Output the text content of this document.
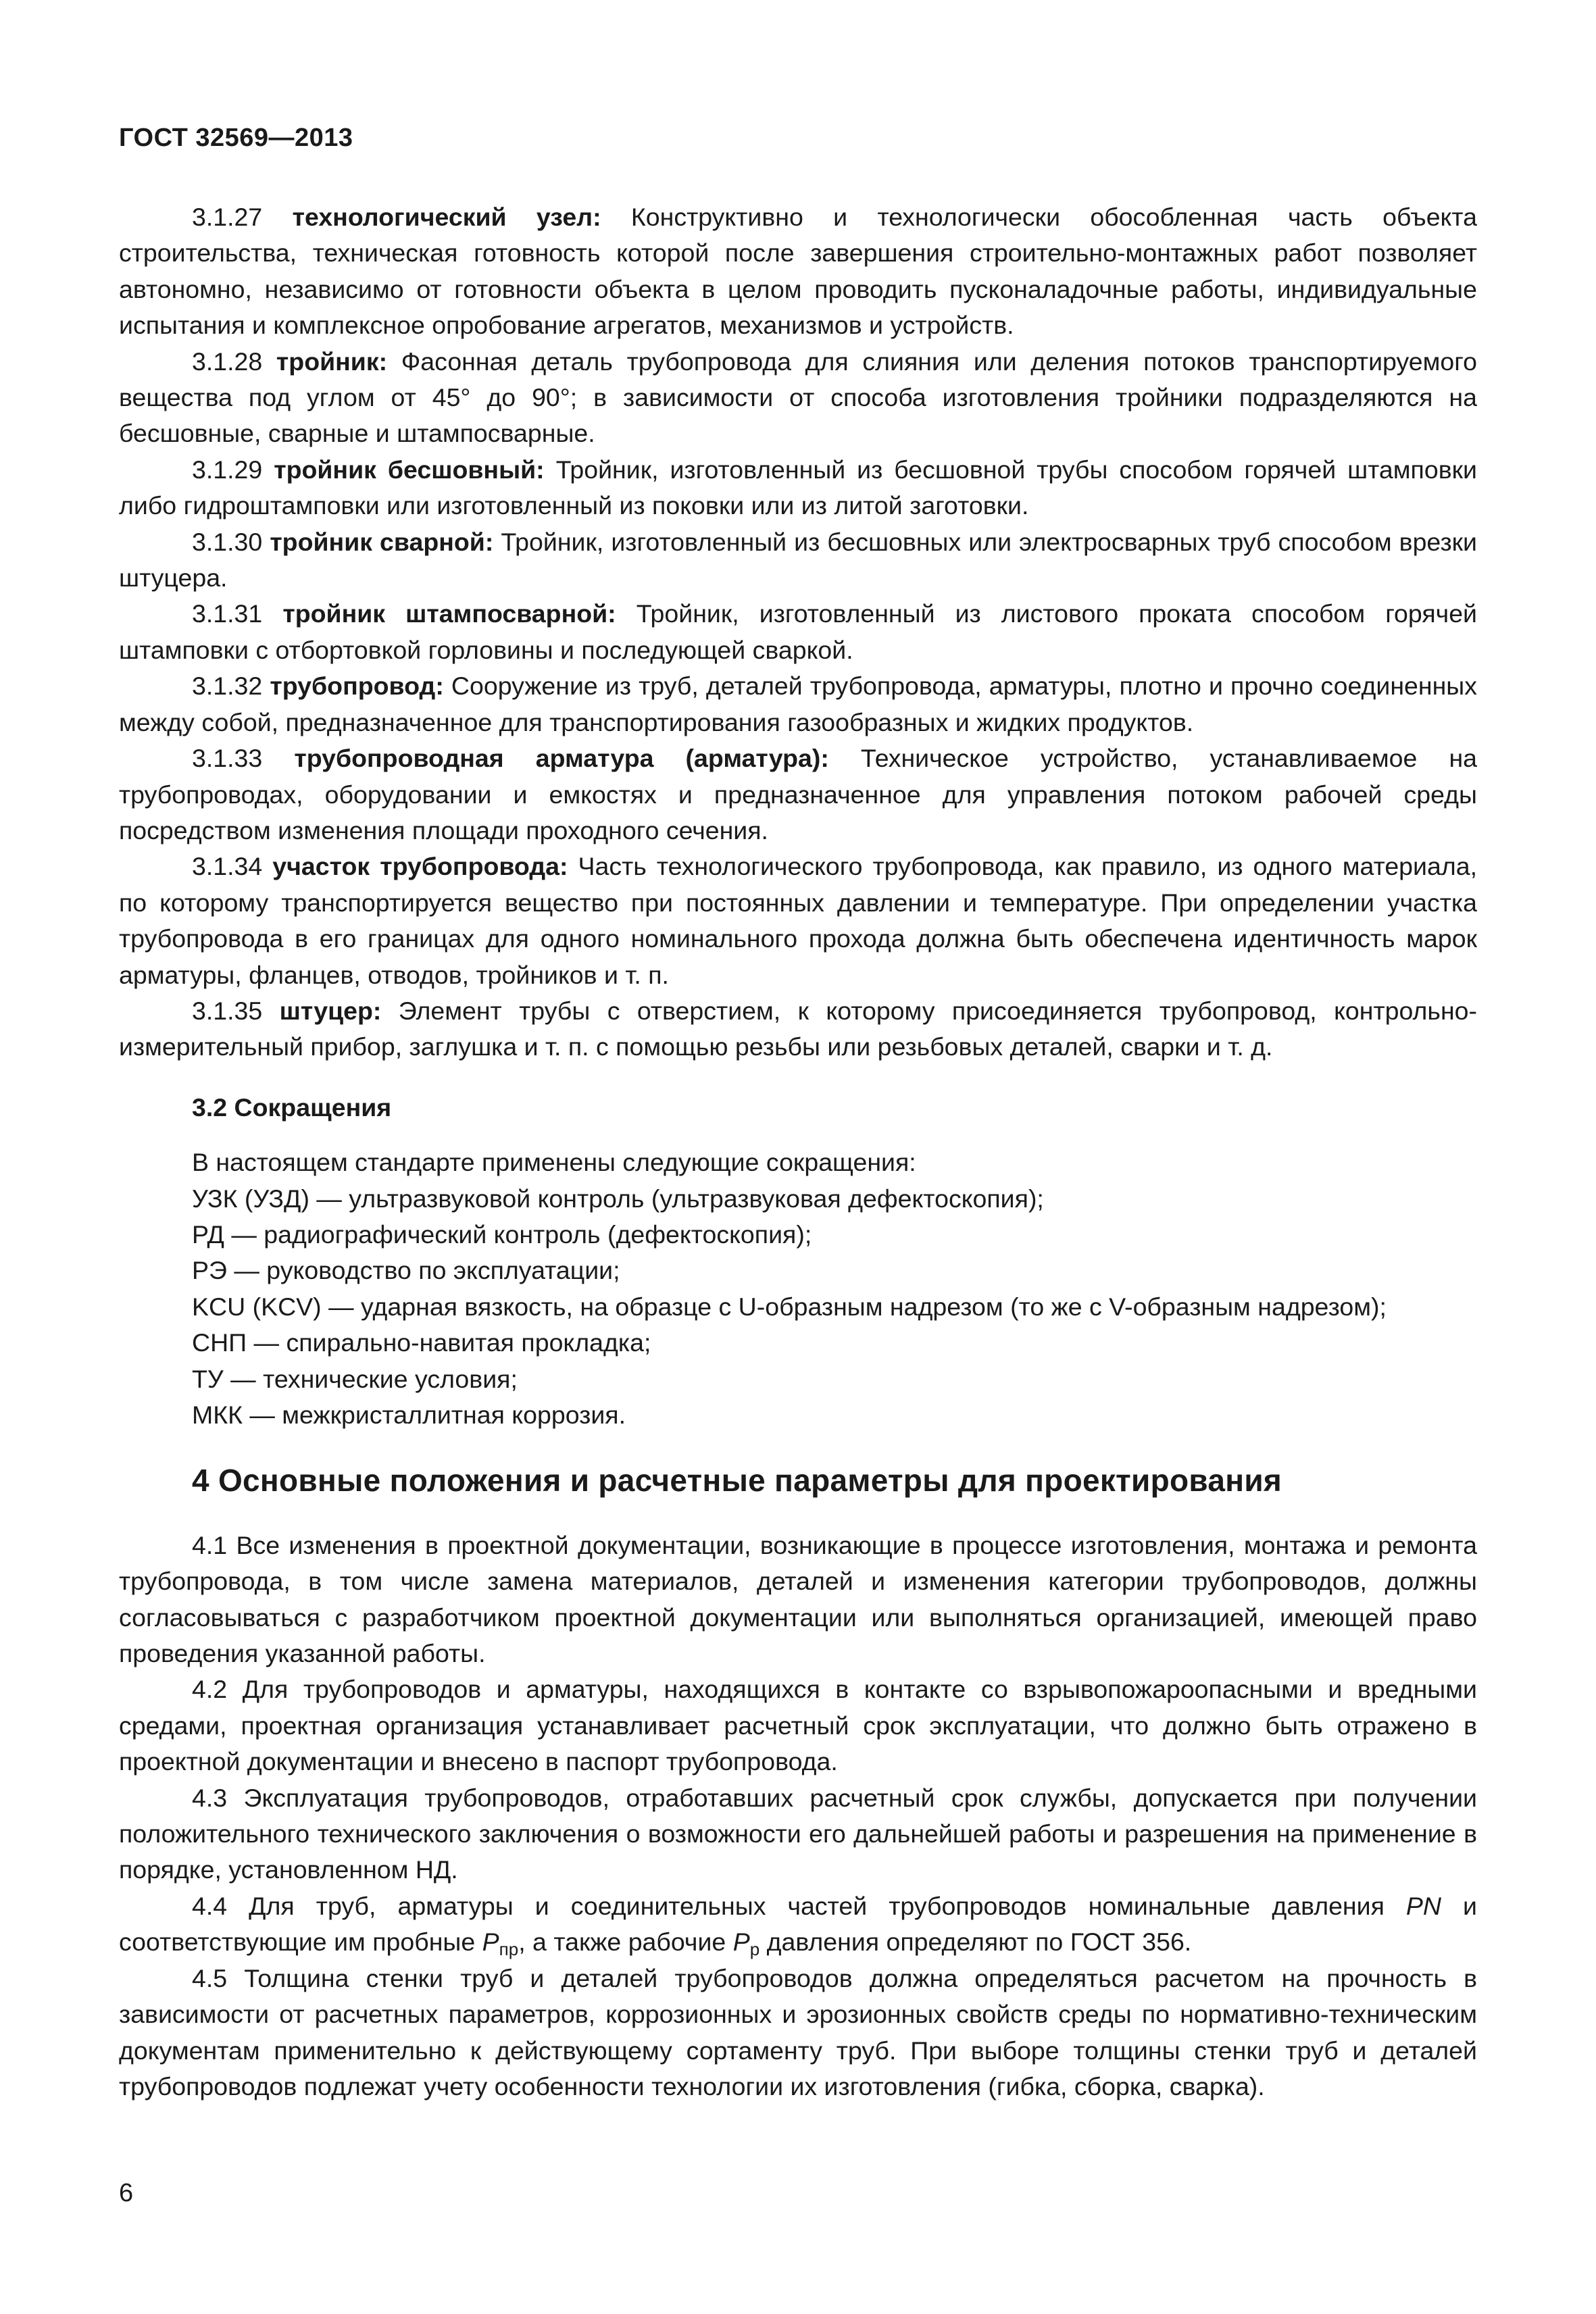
ГОСТ 32569—2013

3.1.27 технологический узел: Конструктивно и технологически обособленная часть объекта строительства, техническая готовность которой после завершения строительно-монтажных работ позволяет автономно, независимо от готовности объекта в целом проводить пусконаладочные работы, индивидуальные испытания и комплексное опробование агрегатов, механизмов и устройств.

3.1.28 тройник: Фасонная деталь трубопровода для слияния или деления потоков транспортируемого вещества под углом от 45° до 90°; в зависимости от способа изготовления тройники подразделяются на бесшовные, сварные и штампосварные.

3.1.29 тройник бесшовный: Тройник, изготовленный из бесшовной трубы способом горячей штамповки либо гидроштамповки или изготовленный из поковки или из литой заготовки.

3.1.30 тройник сварной: Тройник, изготовленный из бесшовных или электросварных труб способом врезки штуцера.

3.1.31 тройник штампосварной: Тройник, изготовленный из листового проката способом горячей штамповки с отбортовкой горловины и последующей сваркой.

3.1.32 трубопровод: Сооружение из труб, деталей трубопровода, арматуры, плотно и прочно соединенных между собой, предназначенное для транспортирования газообразных и жидких продуктов.

3.1.33 трубопроводная арматура (арматура): Техническое устройство, устанавливаемое на трубопроводах, оборудовании и емкостях и предназначенное для управления потоком рабочей среды посредством изменения площади проходного сечения.

3.1.34 участок трубопровода: Часть технологического трубопровода, как правило, из одного материала, по которому транспортируется вещество при постоянных давлении и температуре. При определении участка трубопровода в его границах для одного номинального прохода должна быть обеспечена идентичность марок арматуры, фланцев, отводов, тройников и т. п.

3.1.35 штуцер: Элемент трубы с отверстием, к которому присоединяется трубопровод, контрольно-измерительный прибор, заглушка и т. п. с помощью резьбы или резьбовых деталей, сварки и т. д.

3.2 Сокращения
В настоящем стандарте применены следующие сокращения:
УЗК (УЗД) — ультразвуковой контроль (ультразвуковая дефектоскопия);
РД — радиографический контроль (дефектоскопия);
РЭ — руководство по эксплуатации;
KCU (KCV) — ударная вязкость, на образце с U-образным надрезом (то же с V-образным надрезом);
СНП — спирально-навитая прокладка;
ТУ — технические условия;
МКК — межкристаллитная коррозия.
4 Основные положения и расчетные параметры для проектирования

4.1 Все изменения в проектной документации, возникающие в процессе изготовления, монтажа и ремонта трубопровода, в том числе замена материалов, деталей и изменения категории трубопроводов, должны согласовываться с разработчиком проектной документации или выполняться организацией, имеющей право проведения указанной работы.

4.2 Для трубопроводов и арматуры, находящихся в контакте со взрывопожароопасными и вредными средами, проектная организация устанавливает расчетный срок эксплуатации, что должно быть отражено в проектной документации и внесено в паспорт трубопровода.

4.3 Эксплуатация трубопроводов, отработавших расчетный срок службы, допускается при получении положительного технического заключения о возможности его дальнейшей работы и разрешения на применение в порядке, установленном НД.

4.4 Для труб, арматуры и соединительных частей трубопроводов номинальные давления PN и соответствующие им пробные $P_{пр}$, а также рабочие $P_р$ давления определяют по ГОСТ 356.

4.5 Толщина стенки труб и деталей трубопроводов должна определяться расчетом на прочность в зависимости от расчетных параметров, коррозионных и эрозионных свойств среды по нормативно-техническим документам применительно к действующему сортаменту труб. При выборе толщины стенки труб и деталей трубопроводов подлежат учету особенности технологии их изготовления (гибка, сборка, сварка).

6
